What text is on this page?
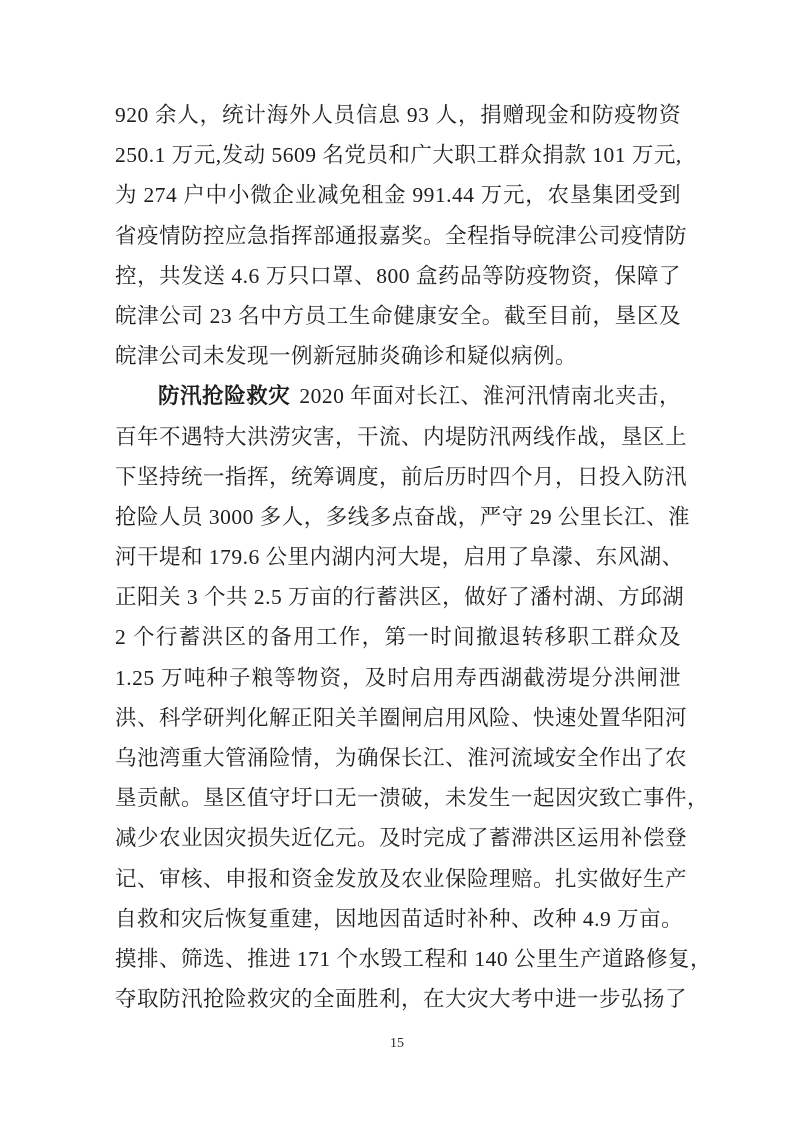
920 余人，统计海外人员信息 93 人，捐赠现金和防疫物资
250.1 万元,发动 5609 名党员和广大职工群众捐款 101 万元,
为 274 户中小微企业减免租金 991.44 万元，农垦集团受到
省疫情防控应急指挥部通报嘉奖。全程指导皖津公司疫情防
控，共发送 4.6 万只口罩、800 盒药品等防疫物资，保障了
皖津公司 23 名中方员工生命健康安全。截至目前，垦区及
皖津公司未发现一例新冠肺炎确诊和疑似病例。
防汛抢险救灾 2020 年面对长江、淮河汛情南北夹击，
百年不遇特大洪涝灾害，干流、内堤防汛两线作战，垦区上
下坚持统一指挥，统筹调度，前后历时四个月，日投入防汛
抢险人员 3000 多人，多线多点奋战，严守 29 公里长江、淮
河干堤和 179.6 公里内湖内河大堤，启用了阜濛、东风湖、
正阳关 3 个共 2.5 万亩的行蓄洪区，做好了潘村湖、方邱湖
2 个行蓄洪区的备用工作，第一时间撤退转移职工群众及
1.25 万吨种子粮等物资，及时启用寿西湖截涝堤分洪闸泄
洪、科学研判化解正阳关羊圈闸启用风险、快速处置华阳河
乌池湾重大管涌险情，为确保长江、淮河流域安全作出了农
垦贡献。垦区值守圩口无一溃破，未发生一起因灾致亡事件，
减少农业因灾损失近亿元。及时完成了蓄滞洪区运用补偿登
记、审核、申报和资金发放及农业保险理赔。扎实做好生产
自救和灾后恢复重建，因地因苗适时补种、改种 4.9 万亩。
摸排、筛选、推进 171 个水毁工程和 140 公里生产道路修复，
夺取防汛抢险救灾的全面胜利，在大灾大考中进一步弘扬了
15
